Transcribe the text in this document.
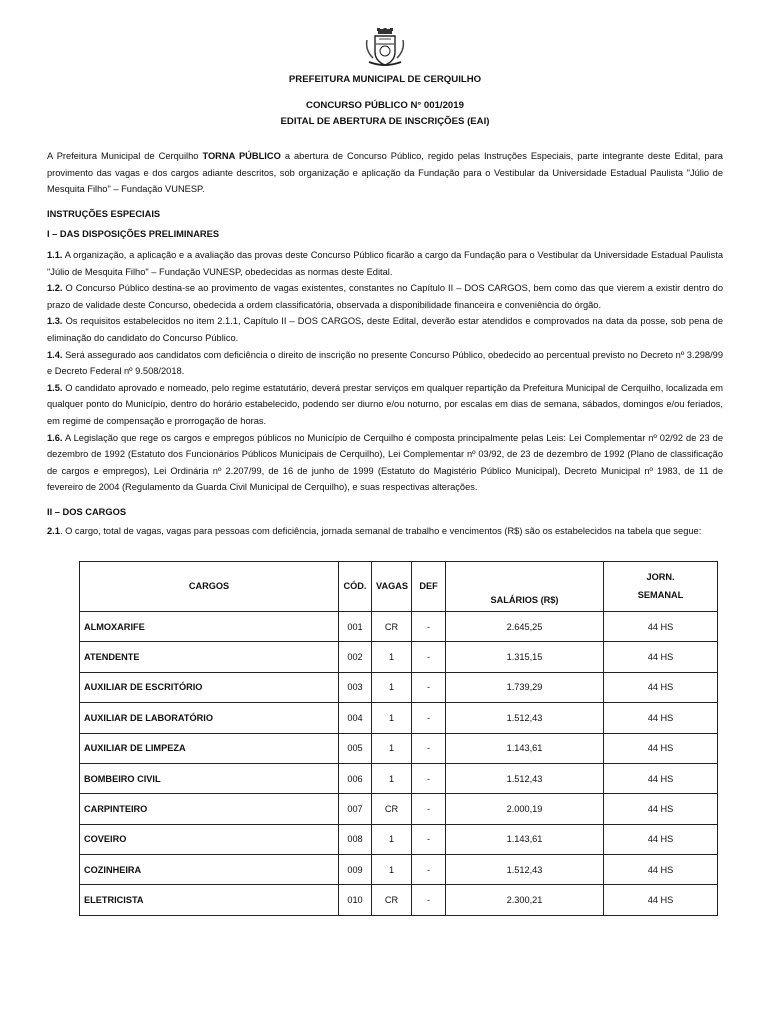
PREFEITURA MUNICIPAL DE CERQUILHO
CONCURSO PÚBLICO N° 001/2019
EDITAL DE ABERTURA DE INSCRIÇÕES (EAI)

A Prefeitura Municipal de Cerquilho TORNA PÚBLICO a abertura de Concurso Público, regido pelas Instruções Especiais, parte integrante deste Edital, para provimento das vagas e dos cargos adiante descritos, sob organização e aplicação da Fundação para o Vestibular da Universidade Estadual Paulista "Júlio de Mesquita Filho" – Fundação VUNESP.

INSTRUÇÕES ESPECIAIS
I – DAS DISPOSIÇÕES PRELIMINARES

1.1. A organização, a aplicação e a avaliação das provas deste Concurso Público ficarão a cargo da Fundação para o Vestibular da Universidade Estadual Paulista "Júlio de Mesquita Filho" – Fundação VUNESP, obedecidas as normas deste Edital.

1.2. O Concurso Público destina-se ao provimento de vagas existentes, constantes no Capítulo II – DOS CARGOS, bem como das que vierem a existir dentro do prazo de validade deste Concurso, obedecida a ordem classificatória, observada a disponibilidade financeira e conveniência do órgão.

1.3. Os requisitos estabelecidos no item 2.1.1, Capítulo II – DOS CARGOS, deste Edital, deverão estar atendidos e comprovados na data da posse, sob pena de eliminação do candidato do Concurso Público.

1.4. Será assegurado aos candidatos com deficiência o direito de inscrição no presente Concurso Público, obedecido ao percentual previsto no Decreto nº 3.298/99 e Decreto Federal nº 9.508/2018.

1.5. O candidato aprovado e nomeado, pelo regime estatutário, deverá prestar serviços em qualquer repartição da Prefeitura Municipal de Cerquilho, localizada em qualquer ponto do Município, dentro do horário estabelecido, podendo ser diurno e/ou noturno, por escalas em dias de semana, sábados, domingos e/ou feriados, em regime de compensação e prorrogação de horas.

1.6. A Legislação que rege os cargos e empregos públicos no Município de Cerquilho é composta principalmente pelas Leis: Lei Complementar nº 02/92 de 23 de dezembro de 1992 (Estatuto dos Funcionários Públicos Municipais de Cerquilho), Lei Complementar nº 03/92, de 23 de dezembro de 1992 (Plano de classificação de cargos e empregos), Lei Ordinária nº 2.207/99, de 16 de junho de 1999 (Estatuto do Magistério Público Municipal), Decreto Municipal nº 1983, de 11 de fevereiro de 2004 (Regulamento da Guarda Civil Municipal de Cerquilho), e suas respectivas alterações.

II – DOS CARGOS

2.1. O cargo, total de vagas, vagas para pessoas com deficiência, jornada semanal de trabalho e vencimentos (R$) são os estabelecidos na tabela que segue:

CARGOS	CÓD.	VAGAS	DEF	SALÁRIOS (R$)	JORN.
SEMANAL

ALMOXARIFE	001	CR	-	2.645,25	44 HS
ATENDENTE	002	1	-	1.315,15	44 HS
AUXILIAR DE ESCRITÓRIO	003	1	-	1.739,29	44 HS
AUXILIAR DE LABORATÓRIO	004	1	-	1.512,43	44 HS
AUXILIAR DE LIMPEZA	005	1	-	1.143,61	44 HS
BOMBEIRO CIVIL	006	1	-	1.512,43	44 HS
CARPINTEIRO	007	CR	-	2.000,19	44 HS
COVEIRO	008	1	-	1.143,61	44 HS
COZINHEIRA	009	1	-	1.512,43	44 HS
ELETRICISTA	010	CR	-	2.300,21	44 HS
